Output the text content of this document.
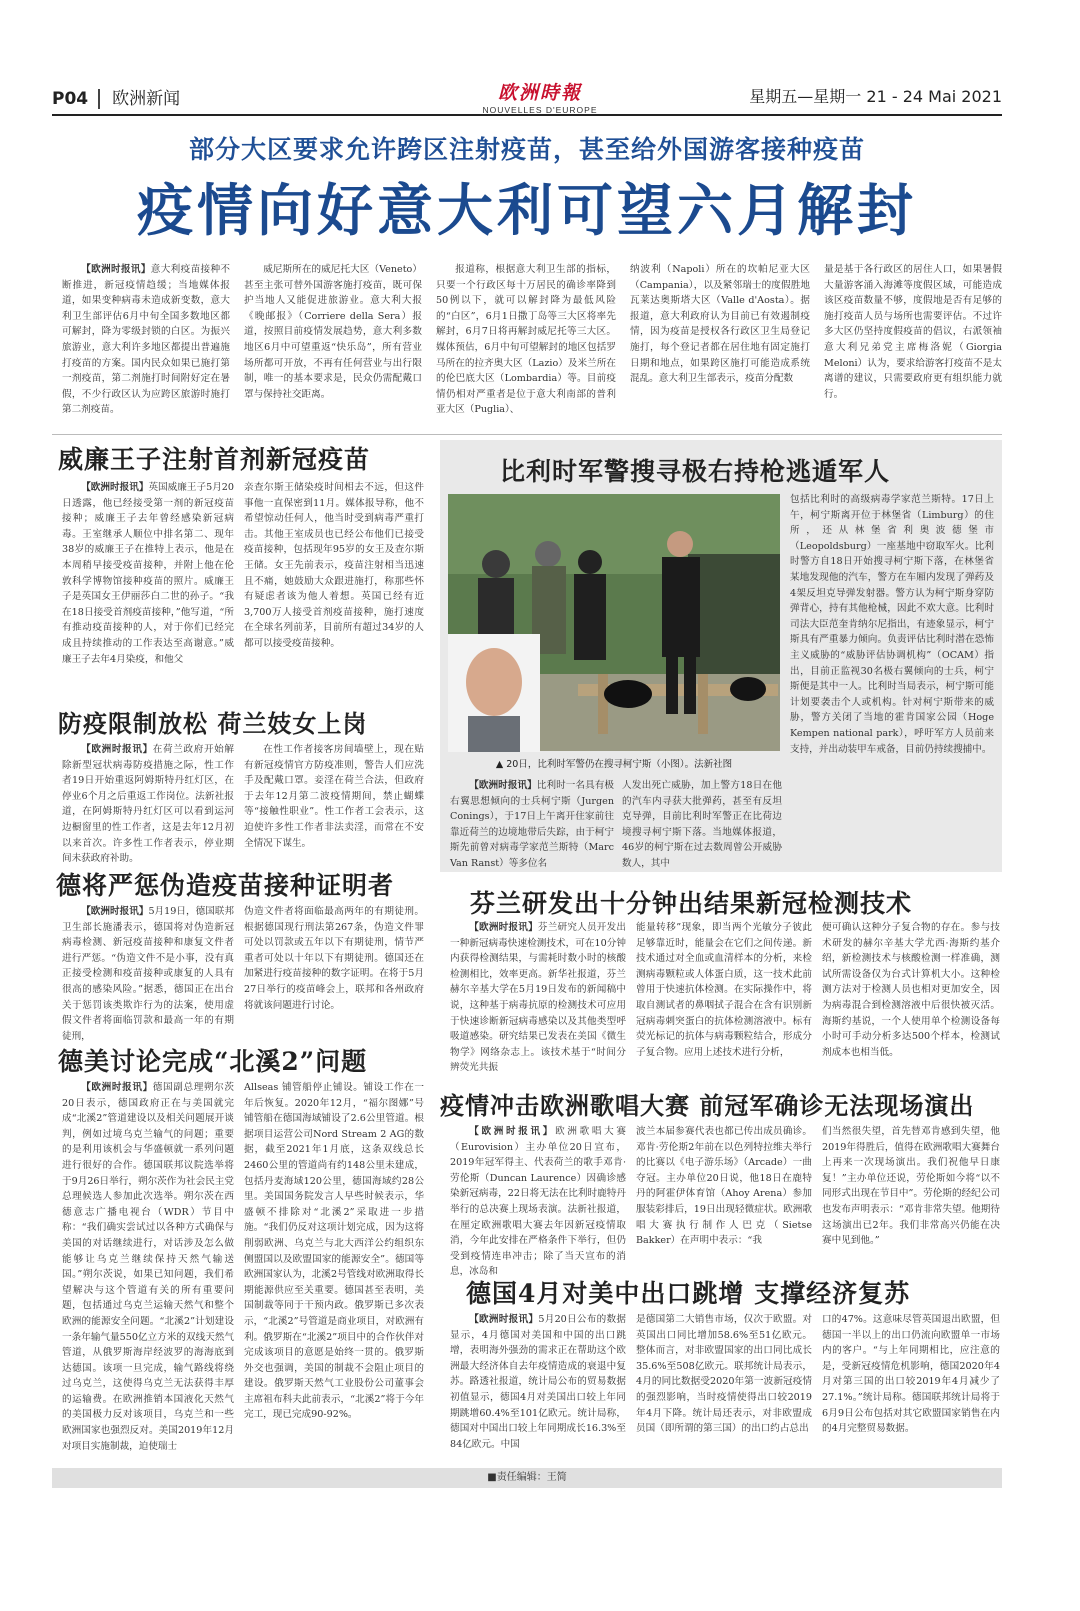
P04 欧洲新闻	星期五—星期一 21 - 24 Mai 2021
欧洲時報
NOUVELLES D'EUROPE
部分大区要求允许跨区注射疫苗，甚至给外国游客接种疫苗
疫情向好意大利可望六月解封

【欧洲时报讯】意大利疫苗接种不断推进，新冠疫情趋缓；当地媒体报道，如果变种病毒未造成新变数，意大利卫生部评估6月中旬全国多数地区都可解封，降为零级封锁的白区。为振兴旅游业，意大利许多地区都提出普遍施打疫苗的方案。国内民众如果已施打第一剂疫苗，第二剂施打时间附好定在暑假，不少行政区认为应跨区旅游时施打第二剂疫苗。

威尼斯所在的威尼托大区（Veneto）甚至主张可替外国游客施打疫苗，既可保护当地人又能促进旅游业。意大利大报《晚邮报》（Corriere della Sera）报道，按照目前疫情发展趋势，意大利多数地区6月中可望重返“快乐岛”，所有营业场所都可开放，不再有任何营业与出行限制，唯一的基本要求是，民众仍需配戴口罩与保持社交距离。

报道称，根据意大利卫生部的指标，只要一个行政区每十万居民的确诊率降到50例以下，就可以解封降为最低风险的“白区”，6月1日撒丁岛等三大区将率先解封，6月7日将再解封威尼托等三大区。媒体预估，6月中旬可望解封的地区包括罗马所在的拉齐奥大区（Lazio）及米兰所在的伦巴底大区（Lombardia）等。目前疫情仍相对严重者是位于意大利南部的普利亚大区（Puglia）、

纳波利（Napoli）所在的坎帕尼亚大区（Campania），以及紧邻瑞士的度假胜地瓦莱达奥斯塔大区（Valle d'Aosta）。据报道，意大利政府认为目前已有效遏制疫情，因为疫苗是授权各行政区卫生局登记施打，每个登记者都在居住地有固定施打日期和地点，如果跨区施打可能造成系统混乱。意大利卫生部表示，疫苗分配数

量是基于各行政区的居住人口，如果暑假大量游客涌入海滩等度假区域，可能造成该区疫苗数量不够，度假地是否有足够的施打疫苗人员与场所也需要评估。不过许多大区仍坚持度假疫苗的倡议，右派领袖意大利兄弟党主席梅洛妮（Giorgia Meloni）认为，要求给游客打疫苗不是太离谱的建议，只需要政府更有组织能力就行。

威廉王子注射首剂新冠疫苗

【欧洲时报讯】英国威廉王子5月20日透露，他已经接受第一剂的新冠疫苗接种；威廉王子去年曾经感染新冠病毒。王室继承人顺位中排名第二、现年38岁的威廉王子在推特上表示，他是在本周稍早接受疫苗接种，并附上他在伦敦科学博物馆接种疫苗的照片。威廉王子是英国女王伊丽莎白二世的孙子。“我在18日接受首剂疫苗接种，”他写道，“所有推动疫苗接种的人，对于你们已经完成且持续推动的工作表达至高谢意。”威廉王子去年4月染疫，和他父

亲查尔斯王储染疫时间相去不远，但这件事他一直保密到11月。媒体报导称，他不希望惊动任何人，他当时受到病毒严重打击。其他王室成员也已经公布他们已接受疫苗接种，包括现年95岁的女王及查尔斯王储。女王先前表示，疫苗注射相当迅速且不痛，她鼓励大众跟进施打，称那些怀有疑虑者该为他人着想。英国已经有近3,700万人接受首剂疫苗接种，施打速度在全球名列前茅，目前所有超过34岁的人都可以接受疫苗接种。

防疫限制放松 荷兰妓女上岗

【欧洲时报讯】在荷兰政府开始解除新型冠状病毒防疫措施之际，性工作者19日开始重返阿姆斯特丹红灯区，在停业6个月之后重返工作岗位。法新社报道，在阿姆斯特丹红灯区可以看到运河边橱窗里的性工作者，这是去年12月初以来首次。许多性工作者表示，停业期间未获政府补助。

在性工作者接客房间墙壁上，现在贴有新冠疫情官方防疫准则，警告人们应洗手及配戴口罩。妾淫在荷兰合法，但政府于去年12月第二波疫情期间，禁止蝴蝶等“接触性职业”。性工作者工会表示，这迫使许多性工作者非法卖淫，而常在不安全情况下谋生。

比利时军警搜寻极右持枪逃遁军人
▲ 20日，比利时军警仍在搜寻柯宁斯（小图）。法新社图

包括比利时的高级病毒学家范兰斯特。17日上午，柯宁斯离开位于林堡省（Limburg）的住所，还从林堡省利奥波德堡市（Leopoldsburg）一座基地中窃取军火。比利时警方自18日开始搜寻柯宁斯下落，在林堡省某地发现他的汽车，警方在车厢内发现了弹药及4架反坦克导弹发射器。警方认为柯宁斯身穿防弹背心，持有其他枪械，因此不欢大意。比利时司法大臣范奎肯纳尔尼指出，有迹象显示，柯宁斯具有严重暴力倾向。负责评估比利时潜在恐怖主义威胁的“威胁评估协调机构”（OCAM）指出，目前正监视30名极右翼倾向的士兵，柯宁斯便是其中一人。比利时当局表示，柯宁斯可能计划要袭击个人或机构。针对柯宁斯带来的威胁，警方关闭了当地的霍肯国家公园（Hoge Kempen national park），呼吁军方人员前来支持，并出动装甲车戒备，目前仍持续搜捕中。

【欧洲时报讯】比利时一名具有极右翼思想倾向的士兵柯宁斯（Jurgen Conings），于17日上午离开住家前往靠近荷兰的边境地带后失踪，由于柯宁斯先前曾对病毒学家范兰斯特（Marc Van Ranst）等多位名

人发出死亡威胁，加上警方18日在他的汽车内寻获大批弹药，甚至有反坦克导弹，目前比利时军警正在比荷边境搜寻柯宁斯下落。当地媒体报道，46岁的柯宁斯在过去数周曾公开威胁数人，其中

德将严惩伪造疫苗接种证明者

【欧洲时报讯】5月19日，德国联邦卫生部长施潘表示，德国将对伪造新冠病毒检测、新冠疫苗接种和康复文件者进行严惩。“伪造文件不是小事，没有真正接受检测和疫苗接种或康复的人具有很高的感染风险。”据悉，德国正在出台关于惩罚该类欺诈行为的法案，使用虚假文件者将面临罚款和最高一年的有期徒刑，

伪造文件者将面临最高两年的有期徒刑。根据德国现行刑法第267条，伪造文件罪可处以罚款或五年以下有期徒刑，情节严重者可处以十年以下有期徒刑。德国还在加紧进行疫苗接种的数字证明。在将于5月27日举行的疫苗峰会上，联邦和各州政府将就该问题进行讨论。

德美讨论完成“北溪2”问题

【欧洲时报讯】德国副总理朔尔茨20日表示，德国政府正在与美国就完成“北溪2”管道建设以及相关问题展开谈判，例如过境乌克兰输气的问题；重要的是利用该机会与华盛顿就一系列问题进行很好的合作。德国联邦议院选举将于9月26日举行，朔尔茨作为社会民主党总理候选人参加此次选举。朔尔茨在西德意志广播电视台（WDR）节目中称：“我们确实尝试过以各种方式确保与美国的对话继续进行，对话涉及怎么做能够让乌克兰继续保持天然气输送国。”朔尔茨说，如果已知问题，我们希望解决与这个管道有关的所有重要问题，包括通过乌克兰运输天然气和整个欧洲的能源安全问题。“北溪2”计划建设一条年输气量550亿立方米的双线天然气管道，从俄罗斯海岸经波罗的海海底到达德国。该项一旦完成，输气路线将绕过乌克兰，这使得乌克兰无法获得丰厚的运输费。在欧洲推销本国液化天然气的美国极力反对该项目，乌克兰和一些欧洲国家也强烈反对。美国2019年12月对项目实施制裁，迫使瑞士

Allseas 铺管船停止铺设。铺设工作在一年后恢复。2020年12月，“福尔图娜”号铺管船在德国海域铺设了2.6公里管道。根据项目运营公司Nord Stream 2 AG的数据，截至2021年1月底，这条双线总长2460公里的管道尚有约148公里未建成，包括丹麦海域120公里，德国海域约28公里。美国国务院发言人早些时候表示，华盛顿不排除对“北溪2”采取进一步措施。“我们仍反对这项计划完成，因为这将削弱欧洲、乌克兰与北大西洋公约组织东侧盟国以及欧盟国家的能源安全”。德国等欧洲国家认为，北溪2号管线对欧洲取得长期能源供应至关重要。德国甚至表明，美国制裁等同于干预内政。俄罗斯已多次表示，“北溪2”号管道是商业项目，对欧洲有利。俄罗斯在“北溪2”项目中的合作伙伴对完成该项目的意愿是始终一贯的。俄罗斯外交也强调，美国的制裁不会阻止项目的建设。俄罗斯天然气工业股份公司董事会主席祖布科夫此前表示，“北溪2”将于今年完工，现已完成90-92%。

芬兰研发出十分钟出结果新冠检测技术

【欧洲时报讯】芬兰研究人员开发出一种新冠病毒快速检测技术，可在10分钟内获得检测结果，与需耗时数小时的核酸检测相比，效率更高。新华社报道，芬兰赫尔辛基大学在5月19日发布的新闻稿中说，这种基于病毒抗原的检测技术可应用于快速诊断新冠病毒感染以及其他类型呼吸道感染。研究结果已发表在美国《微生物学》网络杂志上。该技术基于“时间分辨荧光共振

能量转移”现象，即当两个光敏分子彼此足够靠近时，能量会在它们之间传递。新技术通过对全血或血清样本的分析，来检测病毒颗粒或人体蛋白质，这一技术此前曾用于快速抗体检测。在实际操作中，将取自测试者的鼻咽拭子混合在含有识别新冠病毒刺突蛋白的抗体检测溶液中。标有荧光标记的抗体与病毒颗粒结合，形成分子复合物。应用上述技术进行分析，

便可确认这种分子复合物的存在。参与技术研发的赫尔辛基大学尤西·海斯约基介绍，新检测技术与核酸检测一样准确，测试所需设备仅为台式计算机大小。这种检测方法对于检测人员也相对更加安全，因为病毒混合到检测溶液中后很快被灭活。海斯约基说，一个人使用单个检测设备每小时可手动分析多达500个样本，检测试剂成本也相当低。

疫情冲击欧洲歌唱大赛 前冠军确诊无法现场演出

【欧洲时报讯】欧洲歌唱大赛（Eurovision）主办单位20日宣布，2019年冠军得主、代表荷兰的歌手邓肯·劳伦斯（Duncan Laurence）因确诊感染新冠病毒，22日将无法在比利时鹿特丹举行的总决赛上现场表演。法新社报道，在厘定欧洲歌唱大赛去年因新冠疫情取消，今年此安排在严格条件下举行，但仍受到疫情连串冲击；除了当天宣布的消息，冰岛和

波兰本届参赛代表也都已传出成员确诊。邓肯·劳伦斯2年前在以色列特拉维夫举行的比赛以《电子游乐场》（Arcade）一曲夺冠。主办单位20日说，他18日在鹿特丹的阿霍伊体育馆（Ahoy Arena）参加服装彩排后，19日出现轻微症状。欧洲歌唱大赛执行制作人巴克（Sietse Bakker）在声明中表示：“我

们当然很失望，首先替邓肯感到失望，他2019年得胜后，值得在欧洲歌唱大赛舞台上再来一次现场演出。我们祝他早日康复！”主办单位还说，劳伦斯如今将“以不同形式出现在节目中”。劳伦斯的经纪公司也发布声明表示：“邓肯非常失望。他期待这场演出已2年。我们非常高兴仍能在决赛中见到他。”

德国4月对美中出口跳增 支撑经济复苏

【欧洲时报讯】5月20日公布的数据显示，4月德国对美国和中国的出口跳增，表明海外强劲的需求正在帮助这个欧洲最大经济体自去年疫情造成的衰退中复苏。路透社报道，统计局公布的贸易数据初值显示，德国4月对美国出口较上年同期跳增60.4%至101亿欧元。统计局称，德国对中国出口较上年同期成长16.3%至84亿欧元。中国

是德国第二大销售市场，仅次于欧盟。对英国出口同比增加58.6%至51亿欧元。整体而言，对非欧盟国家的出口同比成长35.6%至508亿欧元。联邦统计局表示，4月的同比数据受2020年第一波新冠疫情的强烈影响，当时疫情使得出口较2019年4月下降。统计局还表示，对非欧盟成员国（即所谓的第三国）的出口约占总出

口的47%。这意味尽管英国退出欧盟，但德国一半以上的出口仍流向欧盟单一市场内的客户。“与上年同期相比，应注意的是，受新冠疫情危机影响，德国2020年4月对第三国的出口较2019年4月减少了27.1%。”统计局称。德国联邦统计局将于6月9日公布包括对其它欧盟国家销售在内的4月完整贸易数据。

■责任编辑：王简
